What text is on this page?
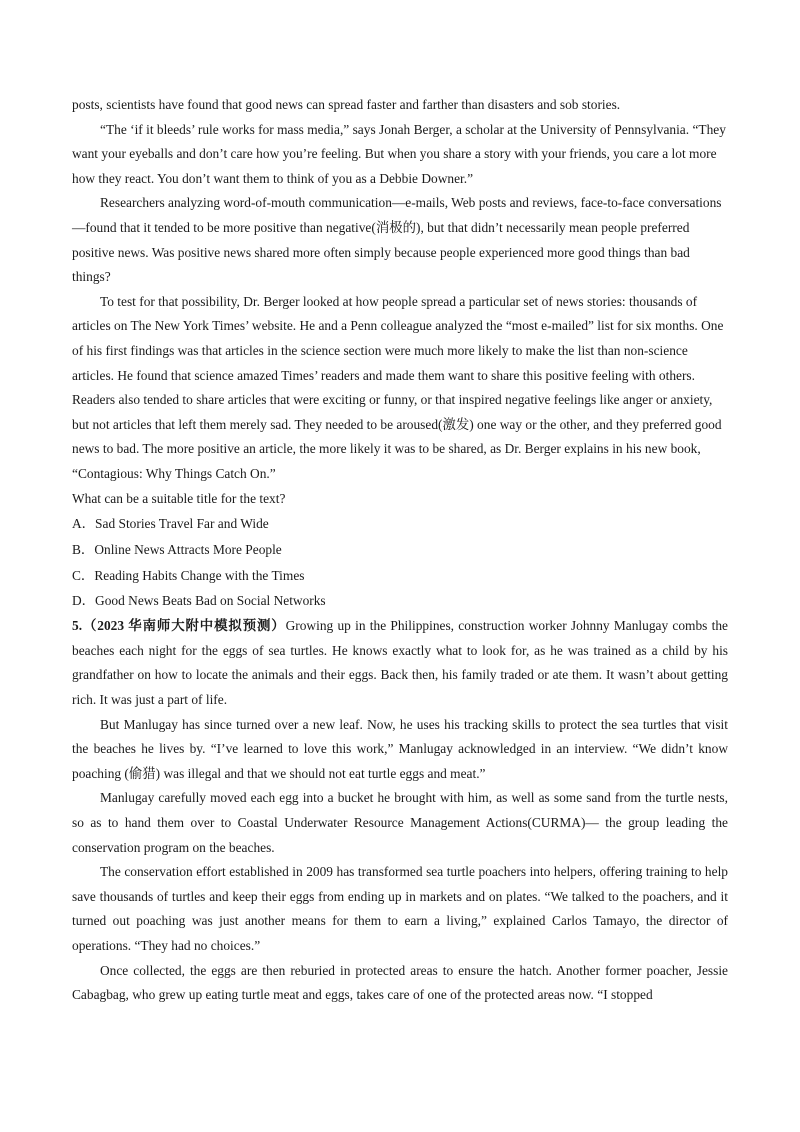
posts, scientists have found that good news can spread faster and farther than disasters and sob stories.

“The ‘if it bleeds’ rule works for mass media,” says Jonah Berger, a scholar at the University of Pennsylvania. “They want your eyeballs and don’t care how you’re feeling. But when you share a story with your friends, you care a lot more how they react. You don’t want them to think of you as a Debbie Downer.”

Researchers analyzing word-of-mouth communication—e-mails, Web posts and reviews, face-to-face conversations—found that it tended to be more positive than negative(消极的), but that didn’t necessarily mean people preferred positive news. Was positive news shared more often simply because people experienced more good things than bad things?

To test for that possibility, Dr. Berger looked at how people spread a particular set of news stories: thousands of articles on The New York Times’ website. He and a Penn colleague analyzed the “most e-mailed” list for six months. One of his first findings was that articles in the science section were much more likely to make the list than non-science articles. He found that science amazed Times’ readers and made them want to share this positive feeling with others.

Readers also tended to share articles that were exciting or funny, or that inspired negative feelings like anger or anxiety, but not articles that left them merely sad. They needed to be aroused(激发) one way or the other, and they preferred good news to bad. The more positive an article, the more likely it was to be shared, as Dr. Berger explains in his new book, “Contagious: Why Things Catch On.”

What can be a suitable title for the text?

A．Sad Stories Travel Far and Wide

B．Online News Attracts More People

C．Reading Habits Change with the Times

D．Good News Beats Bad on Social Networks

5.（2023 华南师大附中模拟预测）Growing up in the Philippines, construction worker Johnny Manlugay combs the beaches each night for the eggs of sea turtles. He knows exactly what to look for, as he was trained as a child by his grandfather on how to locate the animals and their eggs. Back then, his family traded or ate them. It wasn’t about getting rich. It was just a part of life.

But Manlugay has since turned over a new leaf. Now, he uses his tracking skills to protect the sea turtles that visit the beaches he lives by. “I’ve learned to love this work,” Manlugay acknowledged in an interview. “We didn’t know poaching (偷猎) was illegal and that we should not eat turtle eggs and meat.”

Manlugay carefully moved each egg into a bucket he brought with him, as well as some sand from the turtle nests, so as to hand them over to Coastal Underwater Resource Management Actions(CURMA)— the group leading the conservation program on the beaches.

The conservation effort established in 2009 has transformed sea turtle poachers into helpers, offering training to help save thousands of turtles and keep their eggs from ending up in markets and on plates. “We talked to the poachers, and it turned out poaching was just another means for them to earn a living,” explained Carlos Tamayo, the director of operations. “They had no choices.”

Once collected, the eggs are then reburied in protected areas to ensure the hatch. Another former poacher, Jessie Cabagbag, who grew up eating turtle meat and eggs, takes care of one of the protected areas now. “I stopped
